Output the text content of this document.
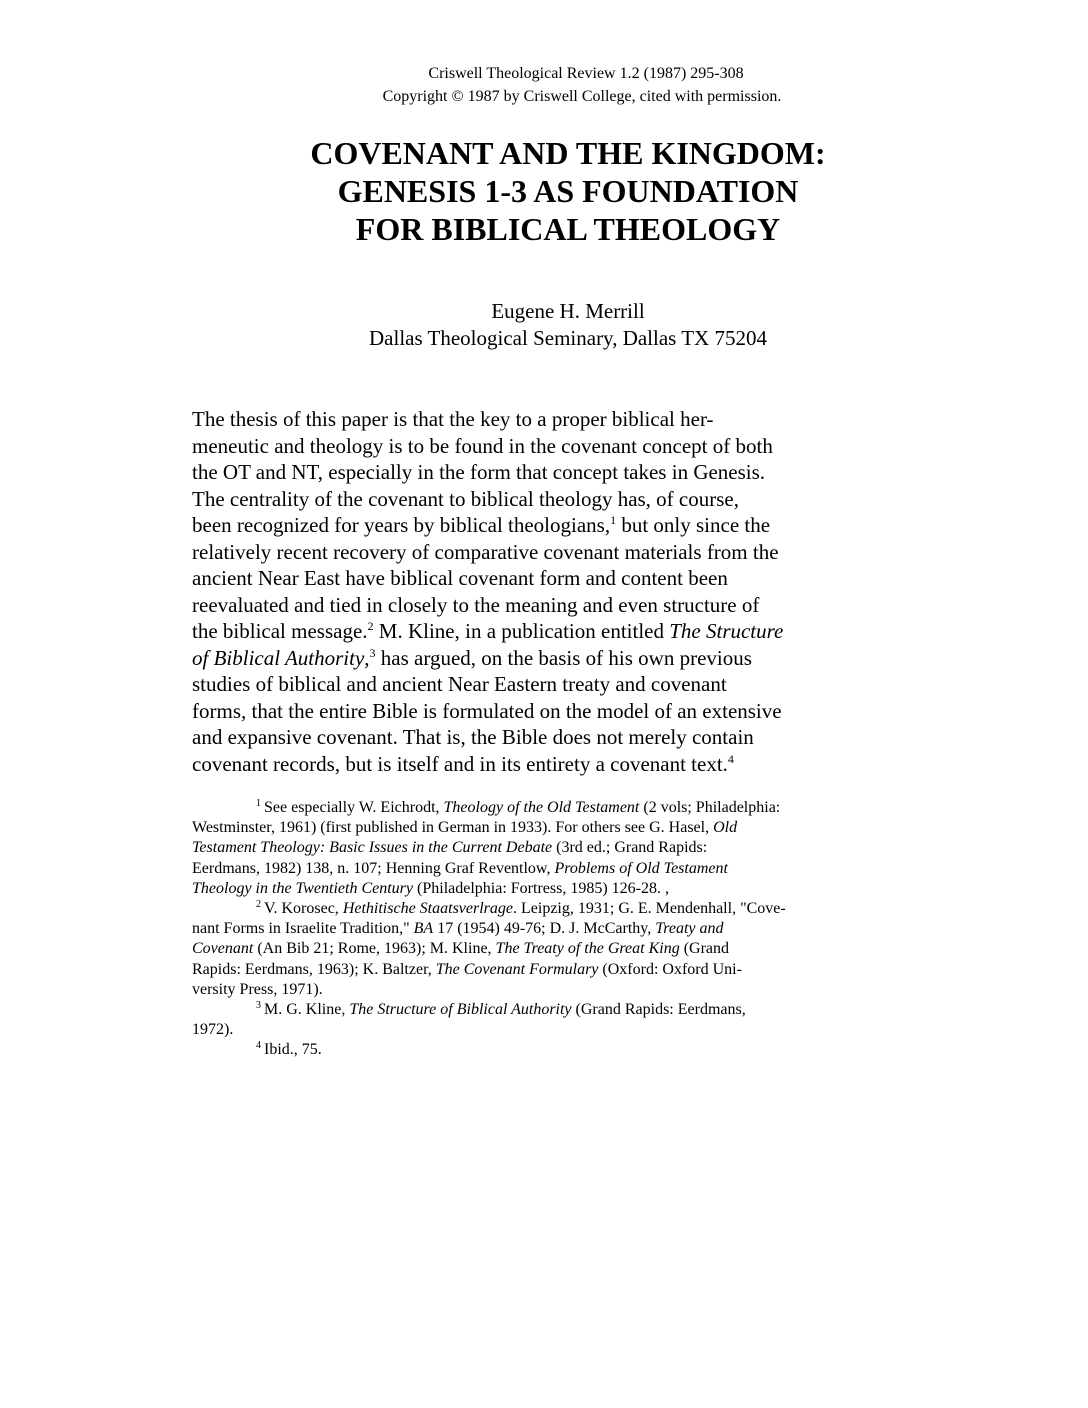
Criswell Theological Review 1.2 (1987) 295-308
Copyright © 1987 by Criswell College, cited with permission.
COVENANT AND THE KINGDOM:
GENESIS 1-3 AS FOUNDATION
FOR BIBLICAL THEOLOGY
Eugene H. Merrill
Dallas Theological Seminary, Dallas TX 75204
The thesis of this paper is that the key to a proper biblical her-
meneutic and theology is to be found in the covenant concept of both
the OT and NT, especially in the form that concept takes in Genesis.
The centrality of the covenant to biblical theology has, of course,
been recognized for years by biblical theologians,$^1$ but only since the
relatively recent recovery of comparative covenant materials from the
ancient Near East have biblical covenant form and content been
reevaluated and tied in closely to the meaning and even structure of
the biblical message.$^2$ M. Kline, in a publication entitled The Structure
of Biblical Authority,$^3$ has argued, on the basis of his own previous
studies of biblical and ancient Near Eastern treaty and covenant
forms, that the entire Bible is formulated on the model of an extensive
and expansive covenant. That is, the Bible does not merely contain
covenant records, but is itself and in its entirety a covenant text.$^4$
$^1$ See especially W. Eichrodt, Theology of the Old Testament (2 vols; Philadelphia:
Westminster, 1961) (first published in German in 1933). For others see G. Hasel, Old
Testament Theology: Basic Issues in the Current Debate (3rd ed.; Grand Rapids:
Eerdmans, 1982) 138, n. 107; Henning Graf Reventlow, Problems of Old Testament
Theology in the Twentieth Century (Philadelphia: Fortress, 1985) 126-28. ,
$^2$ V. Korosec, Hethitische Staatsverlrage. Leipzig, 1931; G. E. Mendenhall, "Cove-
nant Forms in Israelite Tradition," BA 17 (1954) 49-76; D. J. McCarthy, Treaty and
Covenant (An Bib 21; Rome, 1963); M. Kline, The Treaty of the Great King (Grand
Rapids: Eerdmans, 1963); K. Baltzer, The Covenant Formulary (Oxford: Oxford Uni-
versity Press, 1971).
$^3$ M. G. Kline, The Structure of Biblical Authority (Grand Rapids: Eerdmans,
1972).
$^4$ Ibid., 75.
